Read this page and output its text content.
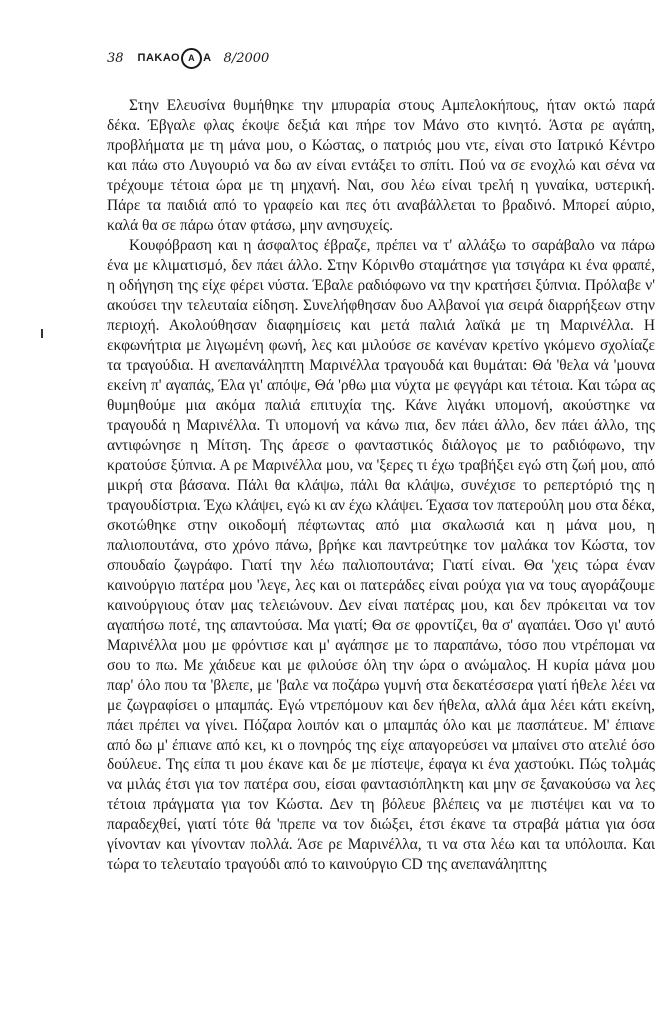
38 ΠΑΚΑΟ Α Α 8/2000

Στην Ελευσίνα θυμήθηκε την μπυραρία στους Αμπελοκήπους, ήταν οκτώ παρά δέκα. Έβγαλε φλας έκοψε δεξιά και πήρε τον Μάνο στο κινητό. Άστα ρε αγάπη, προβλήματα με τη μάνα μου, ο Κώστας, ο πατριός μου ντε, είναι στο Ιατρικό Κέντρο και πάω στο Λυγουριό να δω αν είναι εντάξει το σπίτι. Πού να σε ενοχλώ και σένα να τρέχουμε τέτοια ώρα με τη μηχανή. Ναι, σου λέω είναι τρελή η γυναίκα, υστερική. Πάρε τα παιδιά από το γραφείο και πες ότι αναβάλλεται το βραδινό. Μπορεί αύριο, καλά θα σε πάρω όταν φτάσω, μην ανησυχείς.

Κουφόβραση και η άσφαλτος έβραζε, πρέπει να τ' αλλάξω το σαράβαλο να πάρω ένα με κλιματισμό, δεν πάει άλλο. Στην Κόρινθο σταμάτησε για τσιγάρα κι ένα φραπέ, η οδήγηση της είχε φέρει νύστα. Έβαλε ραδιόφωνο να την κρατήσει ξύπνια. Πρόλαβε ν' ακούσει την τελευταία είδηση. Συνελήφθησαν δυο Αλβανοί για σειρά διαρρήξεων στην περιοχή. Ακολούθησαν διαφημίσεις και μετά παλιά λαϊκά με τη Μαρινέλλα. Η εκφωνήτρια με λιγωμένη φωνή, λες και μιλούσε σε κανέναν κρετίνο γκόμενο σχολίαζε τα τραγούδια. Η ανεπανάληπτη Μαρινέλλα τραγουδά και θυμάται: Θά 'θελα νά 'μουνα εκείνη π' αγαπάς, Έλα γι' απόψε, Θά 'ρθω μια νύχτα με φεγγάρι και τέτοια. Και τώρα ας θυμηθούμε μια ακόμα παλιά επιτυχία της. Κάνε λιγάκι υπομονή, ακούστηκε να τραγουδά η Μαρινέλλα. Τι υπομονή να κάνω πια, δεν πάει άλλο, δεν πάει άλλο, της αντιφώνησε η Μίτση. Της άρεσε ο φανταστικός διάλογος με το ραδιόφωνο, την κρατούσε ξύπνια. Α ρε Μαρινέλλα μου, να 'ξερες τι έχω τραβήξει εγώ στη ζωή μου, από μικρή στα βάσανα. Πάλι θα κλάψω, πάλι θα κλάψω, συνέχισε το ρεπερτόριό της η τραγουδίστρια. Έχω κλάψει, εγώ κι αν έχω κλάψει. Έχασα τον πατερούλη μου στα δέκα, σκοτώθηκε στην οικοδομή πέφτωντας από μια σκαλωσιά και η μάνα μου, η παλιοπουτάνα, στο χρόνο πάνω, βρήκε και παντρεύτηκε τον μαλάκα τον Κώστα, τον σπουδαίο ζωγράφο. Γιατί την λέω παλιοπουτάνα; Γιατί είναι. Θα 'χεις τώρα έναν καινούργιο πατέρα μου 'λεγε, λες και οι πατεράδες είναι ρούχα για να τους αγοράζουμε καινούργιους όταν μας τελειώνουν. Δεν είναι πατέρας μου, και δεν πρόκειται να τον αγαπήσω ποτέ, της απαντούσα. Μα γιατί; Θα σε φροντίζει, θα σ' αγαπάει. Όσο γι' αυτό Μαρινέλλα μου με φρόντισε και μ' αγάπησε με το παραπάνω, τόσο που ντρέπομαι να σου το πω. Με χάιδευε και με φιλούσε όλη την ώρα ο ανώμαλος. Η κυρία μάνα μου παρ' όλο που τα 'βλεπε, με 'βαλε να ποζάρω γυμνή στα δεκατέσσερα γιατί ήθελε λέει να με ζωγραφίσει ο μπαμπάς. Εγώ ντρεπόμουν και δεν ήθελα, αλλά άμα λέει κάτι εκείνη, πάει πρέπει να γίνει. Πόζαρα λοιπόν και ο μπαμπάς όλο και με πασπάτευε. Μ' έπιανε από δω μ' έπιανε από κει, κι ο πονηρός της είχε απαγορεύσει να μπαίνει στο ατελιέ όσο δούλευε. Της είπα τι μου έκανε και δε με πίστεψε, έφαγα κι ένα χαστούκι. Πώς τολμάς να μιλάς έτσι για τον πατέρα σου, είσαι φαντασιόπληκτη και μην σε ξανακούσω να λες τέτοια πράγματα για τον Κώστα. Δεν τη βόλευε βλέπεις να με πιστέψει και να το παραδεχθεί, γιατί τότε θά 'πρεπε να τον διώξει, έτσι έκανε τα στραβά μάτια για όσα γίνονταν και γίνονταν πολλά. Άσε ρε Μαρινέλλα, τι να στα λέω και τα υπόλοιπα. Και τώρα το τελευταίο τραγούδι από το καινούργιο CD της ανεπανάληπτης
